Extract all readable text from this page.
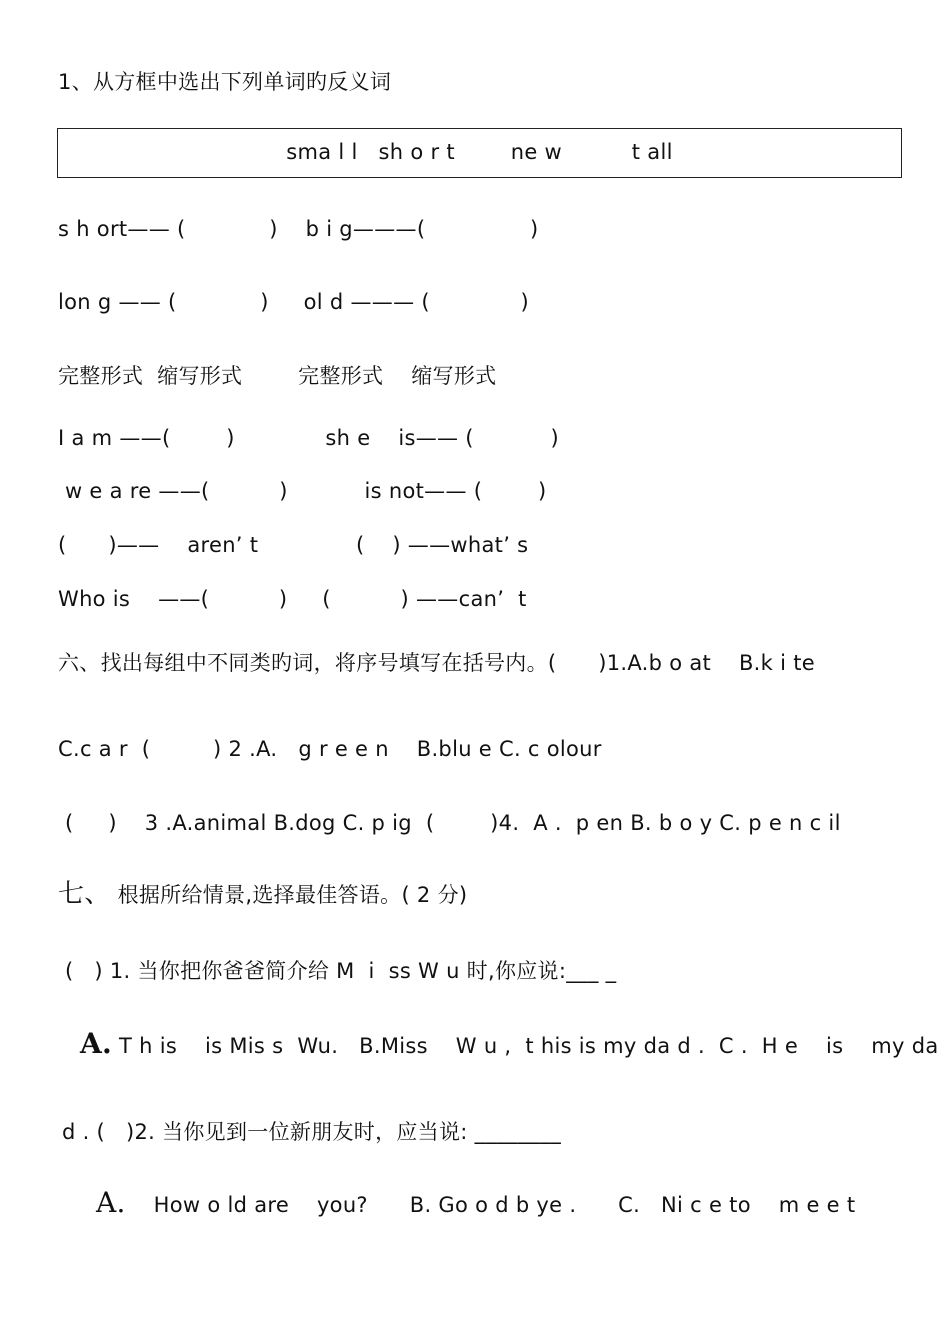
1、从方框中选出下列单词旳反义词
sma l l   sh o r t        ne w          t all
s h ort—— (            )    b i g———(               )
lon g —— (            )     ol d ——— (             )
完整形式  缩写形式        完整形式    缩写形式
I a m ——(        )             sh e    is—— (           )
w e a re ——(          )           is not—— (        )
(      )——    aren’ t              (    ) ——what’ s
Who is    ——(          )     (          ) ——can’  t
六、找出每组中不同类旳词，将序号填写在括号内。(      )1.A.b o at    B.k i te
C.c a r  (         ) 2 .A.   g r e e n    B.blu e C. c olour
(     )    3 .A.animal B.dog C. p ig  (        )4.  A .  p en B. b o y C. p e n c il
七、 根据所给情景,选择最佳答语。( 2 分)
(   ) 1. 当你把你爸爸简介给 M  i  ss W u 时,你应说:___ _
A. T h is    is Mis s  Wu.   B.Miss    W u ,  t his is my da d .  C .  H e    is    my da
d . (   )2. 当你见到一位新朋友时，应当说: ________
A.    How o ld are    you?      B. Go o d b ye .      C.   Ni c e to    m e e t
